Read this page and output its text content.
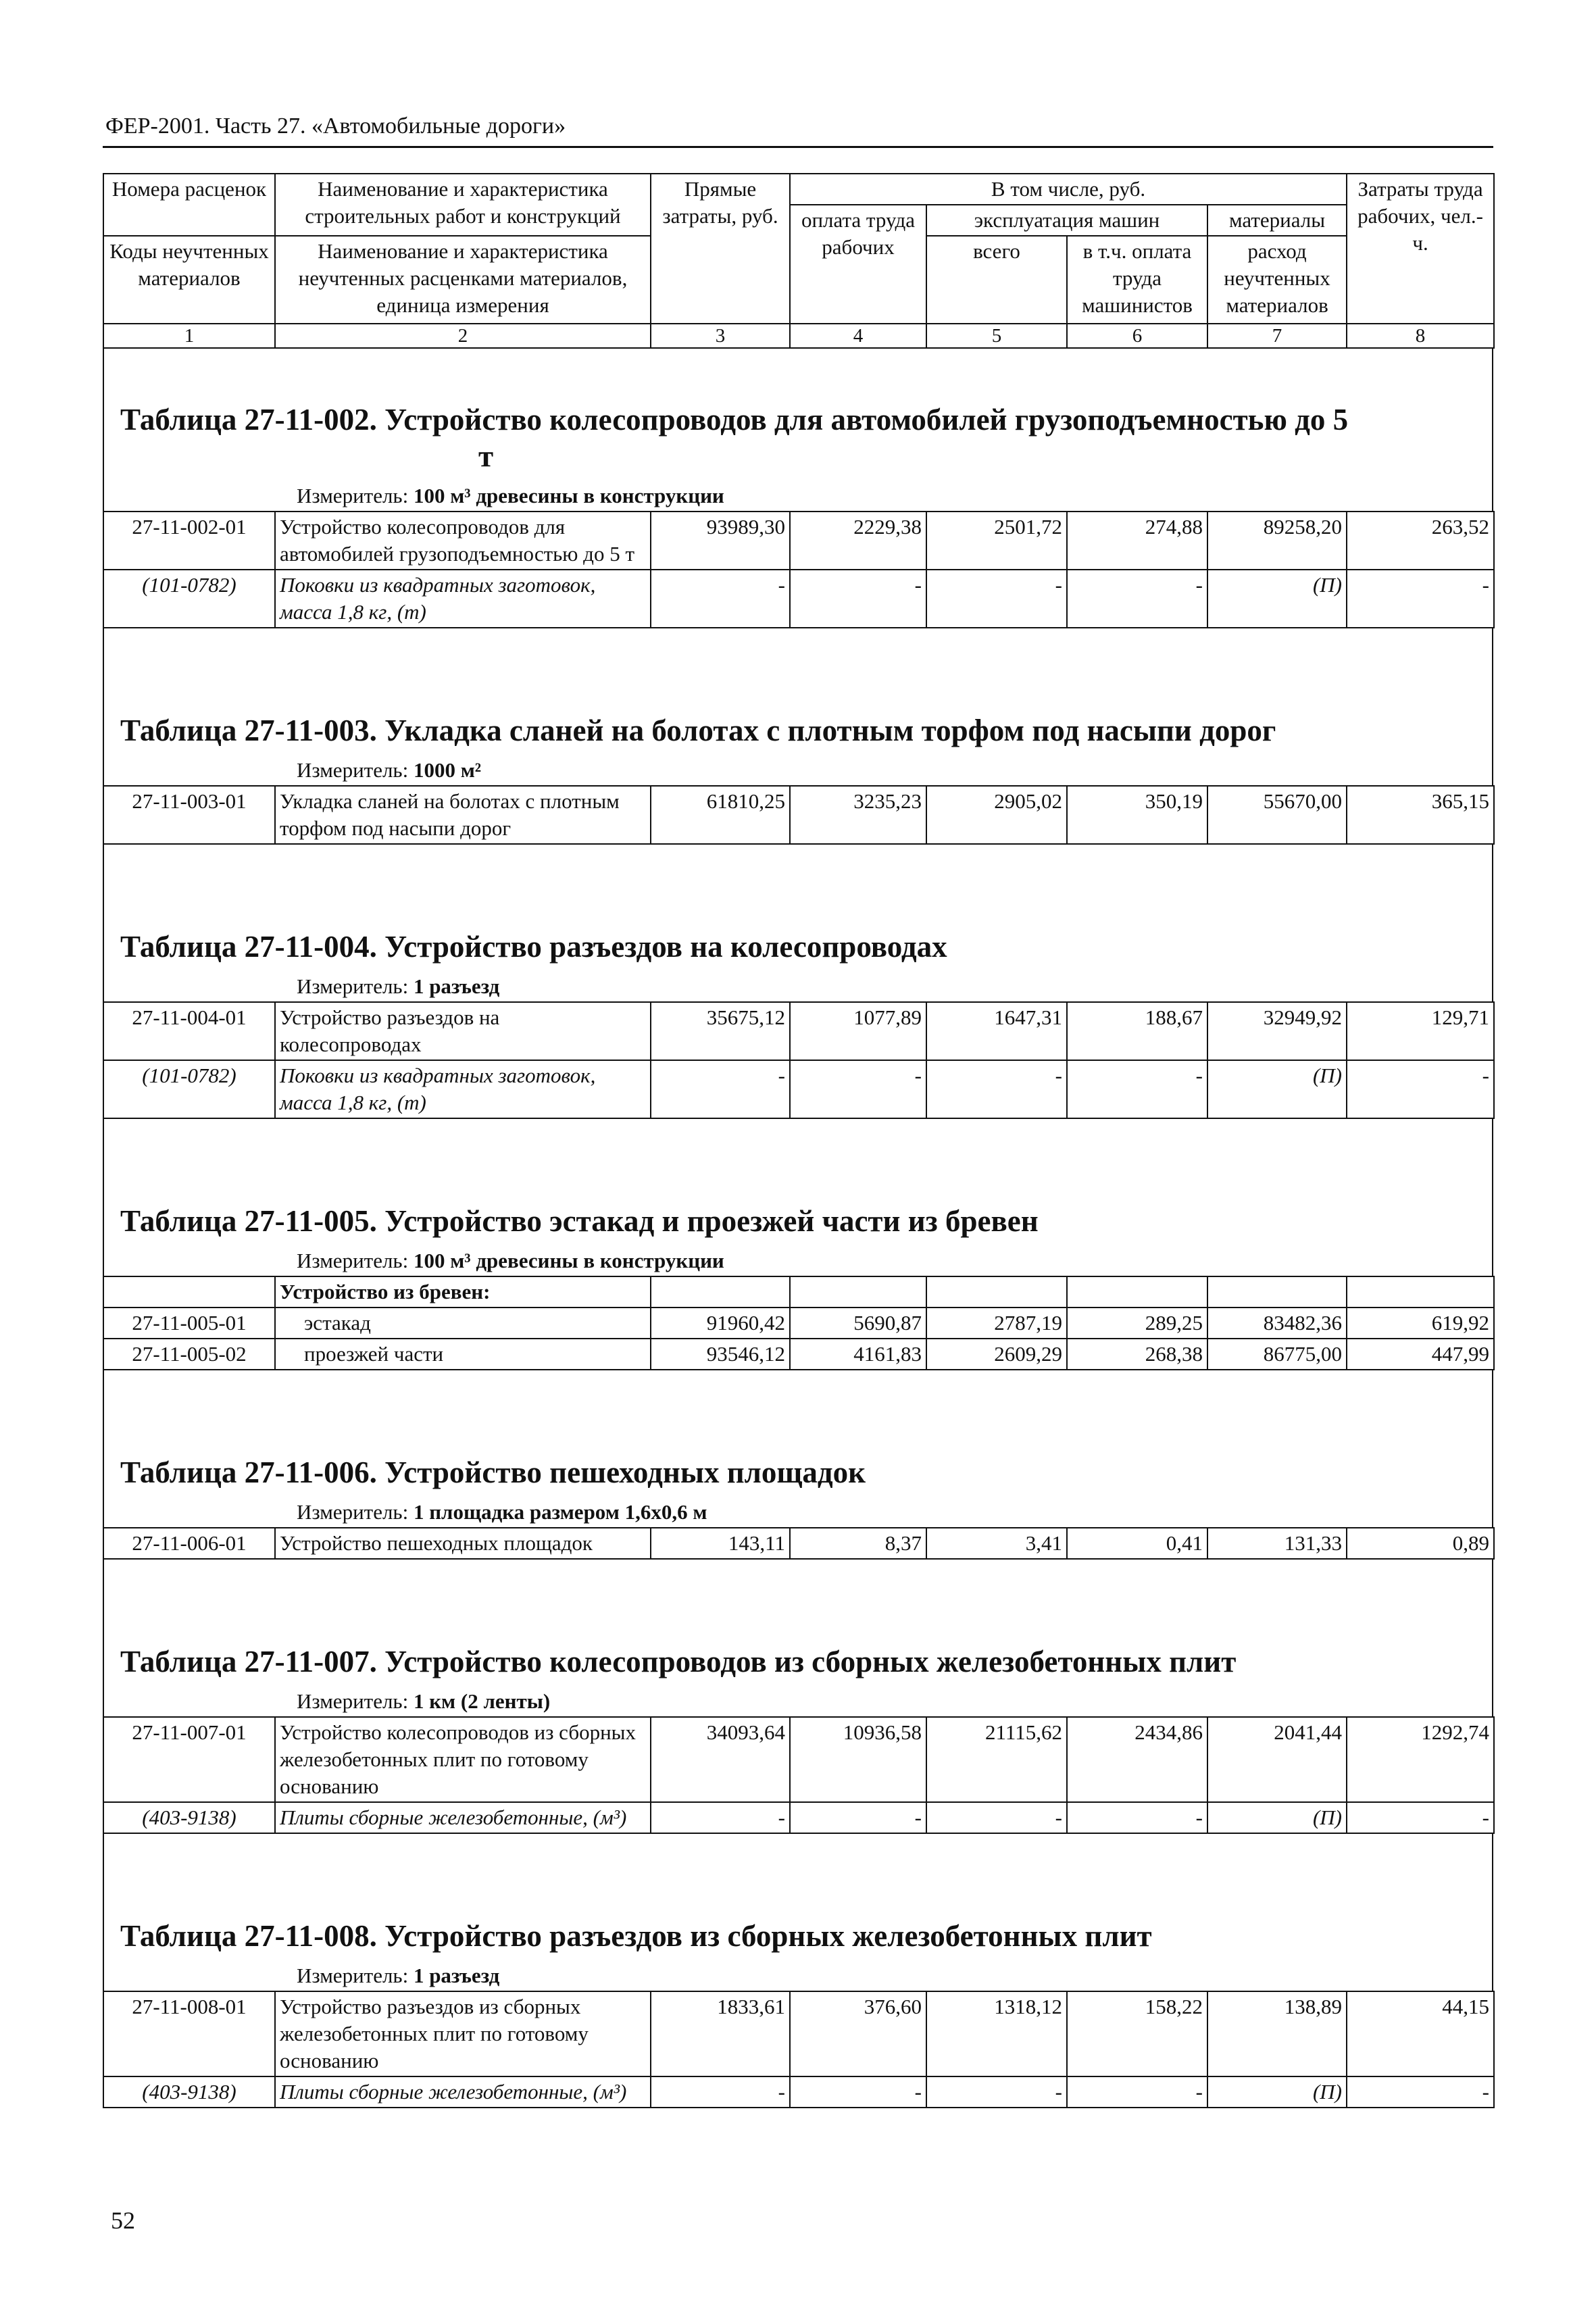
ФЕР-2001. Часть 27. «Автомобильные дороги»
Номера расценок	Наименование и характеристика строительных работ и конструкций	Прямые затраты, руб.	В том числе, руб.				Затраты труда рабочих, чел.-ч.
			оплата труда рабочих	эксплуатация машин		материалы	
Коды неучтенных материалов	Наименование и характеристика неучтенных расценками материалов, единица измерения			всего	в т.ч. оплата труда машинистов	расход неучтенных материалов	

1	2	3	4	5	6	7	8
Таблица 27-11-002. Устройство колесопроводов для автомобилей грузоподъемностью до 5
т
Измеритель: 100 м³ древесины в конструкции
27-11-002-01	Устройство колесопроводов для автомобилей грузоподъемностью до 5 т	93989,30	2229,38	2501,72	274,88	89258,20	263,52
(101-0782)	Поковки из квадратных заготовок, масса 1,8 кг, (т)	-	-	-	-	(П)	-
Таблица 27-11-003. Укладка сланей на болотах с плотным торфом под насыпи дорог
Измеритель: 1000 м²
27-11-003-01	Укладка сланей на болотах с плотным торфом под насыпи дорог	61810,25	3235,23	2905,02	350,19	55670,00	365,15
Таблица 27-11-004. Устройство разъездов на колесопроводах
Измеритель: 1 разъезд
27-11-004-01	Устройство разъездов на колесопроводах	35675,12	1077,89	1647,31	188,67	32949,92	129,71
(101-0782)	Поковки из квадратных заготовок, масса 1,8 кг, (т)	-	-	-	-	(П)	-
Таблица 27-11-005. Устройство эстакад и проезжей части из бревен
Измеритель: 100 м³ древесины в конструкции
	Устройство из бревен:						
27-11-005-01	эстакад	91960,42	5690,87	2787,19	289,25	83482,36	619,92
27-11-005-02	проезжей части	93546,12	4161,83	2609,29	268,38	86775,00	447,99
Таблица 27-11-006. Устройство пешеходных площадок
Измеритель: 1 площадка размером 1,6х0,6 м
27-11-006-01	Устройство пешеходных площадок	143,11	8,37	3,41	0,41	131,33	0,89
Таблица 27-11-007. Устройство колесопроводов из сборных железобетонных плит
Измеритель: 1 км (2 ленты)
27-11-007-01	Устройство колесопроводов из сборных железобетонных плит по готовому основанию	34093,64	10936,58	21115,62	2434,86	2041,44	1292,74
(403-9138)	Плиты сборные железобетонные, (м³)	-	-	-	-	(П)	-
Таблица 27-11-008. Устройство разъездов из сборных железобетонных плит
Измеритель: 1 разъезд
27-11-008-01	Устройство разъездов из сборных железобетонных плит по готовому основанию	1833,61	376,60	1318,12	158,22	138,89	44,15
(403-9138)	Плиты сборные железобетонные, (м³)	-	-	-	-	(П)	-
52
